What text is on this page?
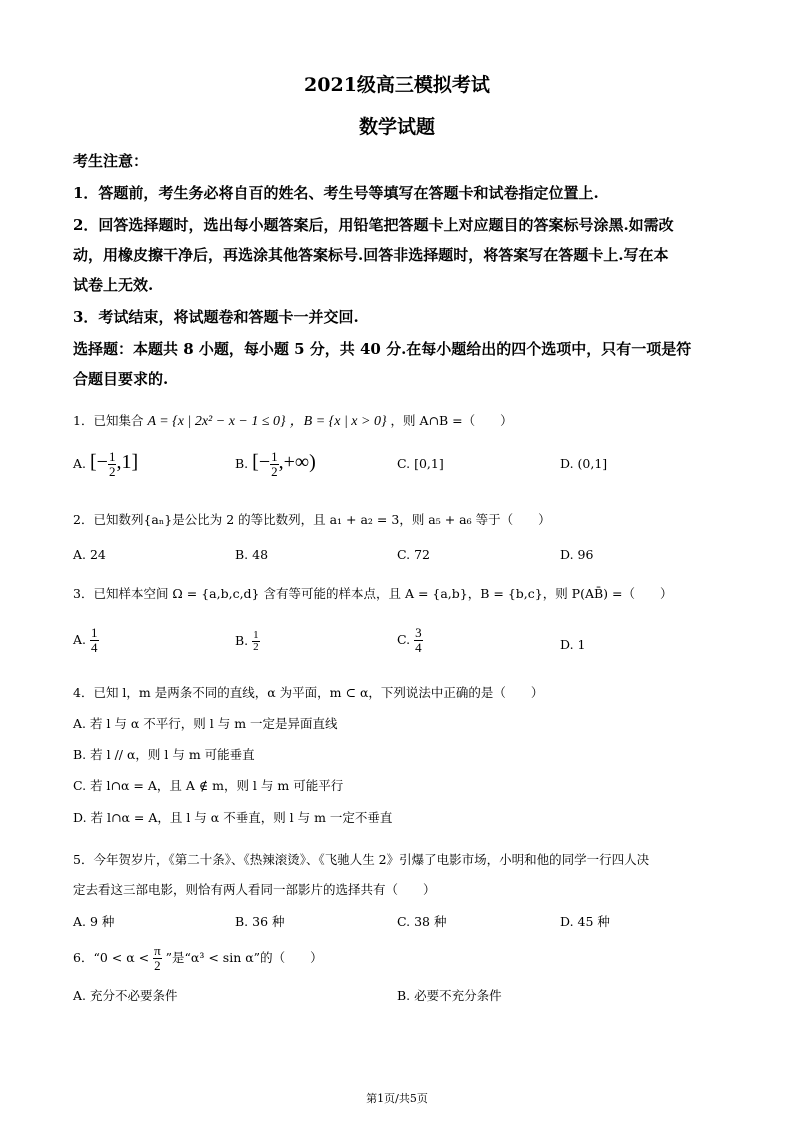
2021级高三模拟考试
数学试题
考生注意：
1．答题前，考生务必将自百的姓名、考生号等填写在答题卡和试卷指定位置上.
2．回答选择题时，选出每小题答案后，用铅笔把答题卡上对应题目的答案标号涂黑.如需改
动，用橡皮擦干净后，再选涂其他答案标号.回答非选择题时，将答案写在答题卡上.写在本
试卷上无效.
3．考试结束，将试题卷和答题卡一并交回.
选择题：本题共 8 小题，每小题 5 分，共 40 分.在每小题给出的四个选项中，只有一项是符
合题目要求的.
1．已知集合 A = {x | 2x² − x − 1 ≤ 0} ，B = {x | x > 0} ，则 A∩B =（　　）
A. [− $\frac{1}{2} ,1$]	B. [− $\frac{1}{2}$ ,+∞)	C. [0,1]	D. (0,1]
2．已知数列{aₙ}是公比为 2 的等比数列，且 a₁ + a₂ = 3，则 a₅ + a₆ 等于（　　）
A. 24	B. 48	C. 72	D. 96
3．已知样本空间 Ω = {a,b,c,d} 含有等可能的样本点，且 A = {a,b}，B = {b,c}，则 P(AB̄) =（　　）
A. $\frac{1}{4}$	B. $\frac{1}{2}$	C. $\frac{3}{4}$	D. 1
4．已知 l，m 是两条不同的直线，α 为平面，m ⊂ α，下列说法中正确的是（　　）
A. 若 l 与 α 不平行，则 l 与 m 一定是异面直线
B. 若 l // α，则 l 与 m 可能垂直
C. 若 l∩α = A，且 A ∉ m，则 l 与 m 可能平行
D. 若 l∩α = A，且 l 与 α 不垂直，则 l 与 m 一定不垂直
5．今年贺岁片，《第二十条》、《热辣滚烫》、《飞驰人生 2》引爆了电影市场，小明和他的同学一行四人决
定去看这三部电影，则恰有两人看同一部影片的选择共有（　　）
A. 9 种	B. 36 种	C. 38 种	D. 45 种
6．“$0 < \alpha < \frac{\pi}{2}$ ”是“α³ < sin α”的（　　）
A. 充分不必要条件	B. 必要不充分条件
第1页/共5页
